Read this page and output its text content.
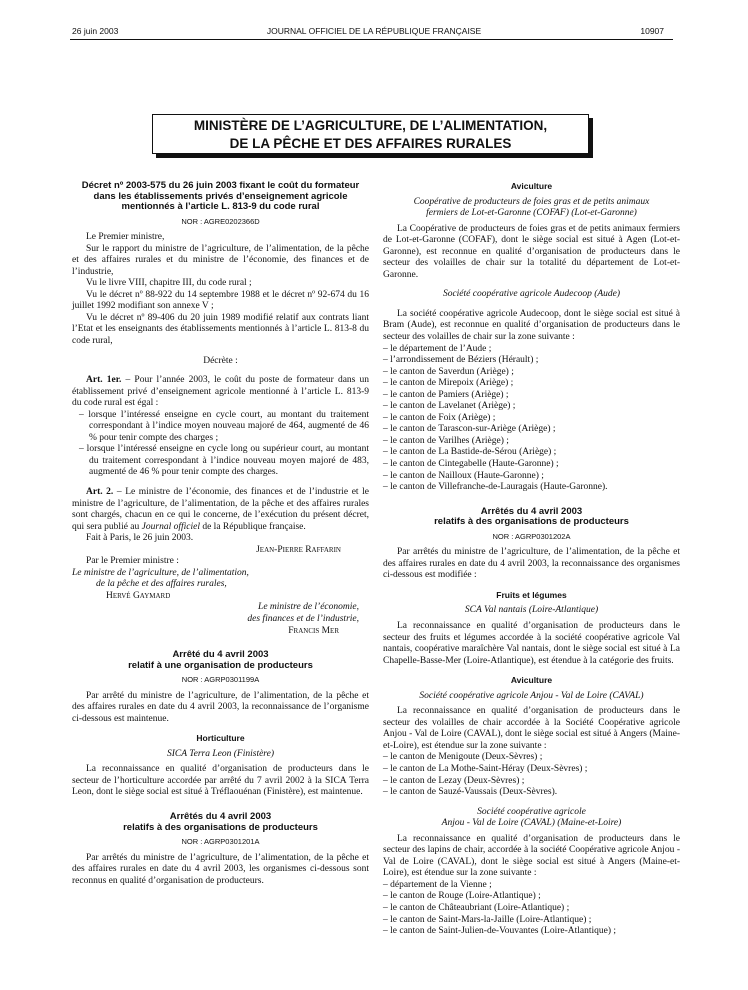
26 juin 2003	JOURNAL OFFICIEL DE LA RÉPUBLIQUE FRANÇAISE	10907
MINISTÈRE DE L’AGRICULTURE, DE L’ALIMENTATION,
DE LA PÊCHE ET DES AFFAIRES RURALES

Décret nº 2003-575 du 26 juin 2003 fixant le coût du formateur dans les établissements privés d’enseignement agricole mentionnés à l’article L. 813-9 du code rural

NOR : AGRE0202366D

Le Premier ministre,

Sur le rapport du ministre de l’agriculture, de l’alimentation, de la pêche et des affaires rurales et du ministre de l’économie, des finances et de l’industrie,

Vu le livre VIII, chapitre III, du code rural ;

Vu le décret nº 88-922 du 14 septembre 1988 et le décret nº 92-674 du 16 juillet 1992 modifiant son annexe V ;

Vu le décret nº 89-406 du 20 juin 1989 modifié relatif aux contrats liant l’Etat et les enseignants des établissements mentionnés à l’article L. 813-8 du code rural,

Décrète :

Art. 1er. – Pour l’année 2003, le coût du poste de formateur dans un établissement privé d’enseignement agricole mentionné à l’article L. 813-9 du code rural est égal :

– lorsque l’intéressé enseigne en cycle court, au montant du traitement correspondant à l’indice moyen nouveau majoré de 464, augmenté de 46 % pour tenir compte des charges ;

– lorsque l’intéressé enseigne en cycle long ou supérieur court, au montant du traitement correspondant à l’indice nouveau moyen majoré de 483, augmenté de 46 % pour tenir compte des charges.

Art. 2. – Le ministre de l’économie, des finances et de l’industrie et le ministre de l’agriculture, de l’alimentation, de la pêche et des affaires rurales sont chargés, chacun en ce qui le concerne, de l’exécution du présent décret, qui sera publié au Journal officiel de la République française.

Fait à Paris, le 26 juin 2003.

Jean-Pierre Raffarin

Par le Premier ministre :

Le ministre de l’agriculture, de l’alimentation,

de la pêche et des affaires rurales,

Hervé Gaymard

Le ministre de l’économie,

des finances et de l’industrie,

Francis Mer

Arrêté du 4 avril 2003

relatif à une organisation de producteurs

NOR : AGRP0301199A

Par arrêté du ministre de l’agriculture, de l’alimentation, de la pêche et des affaires rurales en date du 4 avril 2003, la reconnaissance de l’organisme ci-dessous est maintenue.

Horticulture

SICA Terra Leon (Finistère)

La reconnaissance en qualité d’organisation de producteurs dans le secteur de l’horticulture accordée par arrêté du 7 avril 2002 à la SICA Terra Leon, dont le siège social est situé à Tréflaouénan (Finistère), est maintenue.

Arrêtés du 4 avril 2003

relatifs à des organisations de producteurs

NOR : AGRP0301201A

Par arrêtés du ministre de l’agriculture, de l’alimentation, de la pêche et des affaires rurales en date du 4 avril 2003, les organismes ci-dessous sont reconnus en qualité d’organisation de producteurs.

Aviculture

Coopérative de producteurs de foies gras et de petits animaux fermiers de Lot-et-Garonne (COFAF) (Lot-et-Garonne)

La Coopérative de producteurs de foies gras et de petits animaux fermiers de Lot-et-Garonne (COFAF), dont le siège social est situé à Agen (Lot-et-Garonne), est reconnue en qualité d’organisation de producteurs dans le secteur des volailles de chair sur la totalité du département de Lot-et-Garonne.

Société coopérative agricole Audecoop (Aude)

La société coopérative agricole Audecoop, dont le siège social est situé à Bram (Aude), est reconnue en qualité d’organisation de producteurs dans le secteur des volailles de chair sur la zone suivante :

– le département de l’Aude ;
– l’arrondissement de Béziers (Hérault) ;
– le canton de Saverdun (Ariège) ;
– le canton de Mirepoix (Ariège) ;
– le canton de Pamiers (Ariège) ;
– le canton de Lavelanet (Ariège) ;
– le canton de Foix (Ariège) ;
– le canton de Tarascon-sur-Ariège (Ariège) ;
– le canton de Varilhes (Ariège) ;
– le canton de La Bastide-de-Sérou (Ariège) ;
– le canton de Cintegabelle (Haute-Garonne) ;
– le canton de Nailloux (Haute-Garonne) ;
– le canton de Villefranche-de-Lauragais (Haute-Garonne).

Arrêtés du 4 avril 2003

relatifs à des organisations de producteurs

NOR : AGRP0301202A

Par arrêtés du ministre de l’agriculture, de l’alimentation, de la pêche et des affaires rurales en date du 4 avril 2003, la reconnaissance des organismes ci-dessous est modifiée :

Fruits et légumes

SCA Val nantais (Loire-Atlantique)

La reconnaissance en qualité d’organisation de producteurs dans le secteur des fruits et légumes accordée à la société coopérative agricole Val nantais, coopérative maraîchère Val nantais, dont le siège social est situé à La Chapelle-Basse-Mer (Loire-Atlantique), est étendue à la catégorie des fruits.

Aviculture

Société coopérative agricole Anjou - Val de Loire (CAVAL)

La reconnaissance en qualité d’organisation de producteurs dans le secteur des volailles de chair accordée à la Société Coopérative agricole Anjou - Val de Loire (CAVAL), dont le siège social est situé à Angers (Maine-et-Loire), est étendue sur la zone suivante :

– le canton de Menigoute (Deux-Sèvres) ;
– le canton de La Mothe-Saint-Héray (Deux-Sèvres) ;
– le canton de Lezay (Deux-Sèvres) ;
– le canton de Sauzé-Vaussais (Deux-Sèvres).

Société coopérative agricole

Anjou - Val de Loire (CAVAL) (Maine-et-Loire)

La reconnaissance en qualité d’organisation de producteurs dans le secteur des lapins de chair, accordée à la société Coopérative agricole Anjou - Val de Loire (CAVAL), dont le siège social est situé à Angers (Maine-et-Loire), est étendue sur la zone suivante :

– département de la Vienne ;
– le canton de Rouge (Loire-Atlantique) ;
– le canton de Châteaubriant (Loire-Atlantique) ;
– le canton de Saint-Mars-la-Jaille (Loire-Atlantique) ;
– le canton de Saint-Julien-de-Vouvantes (Loire-Atlantique) ;
